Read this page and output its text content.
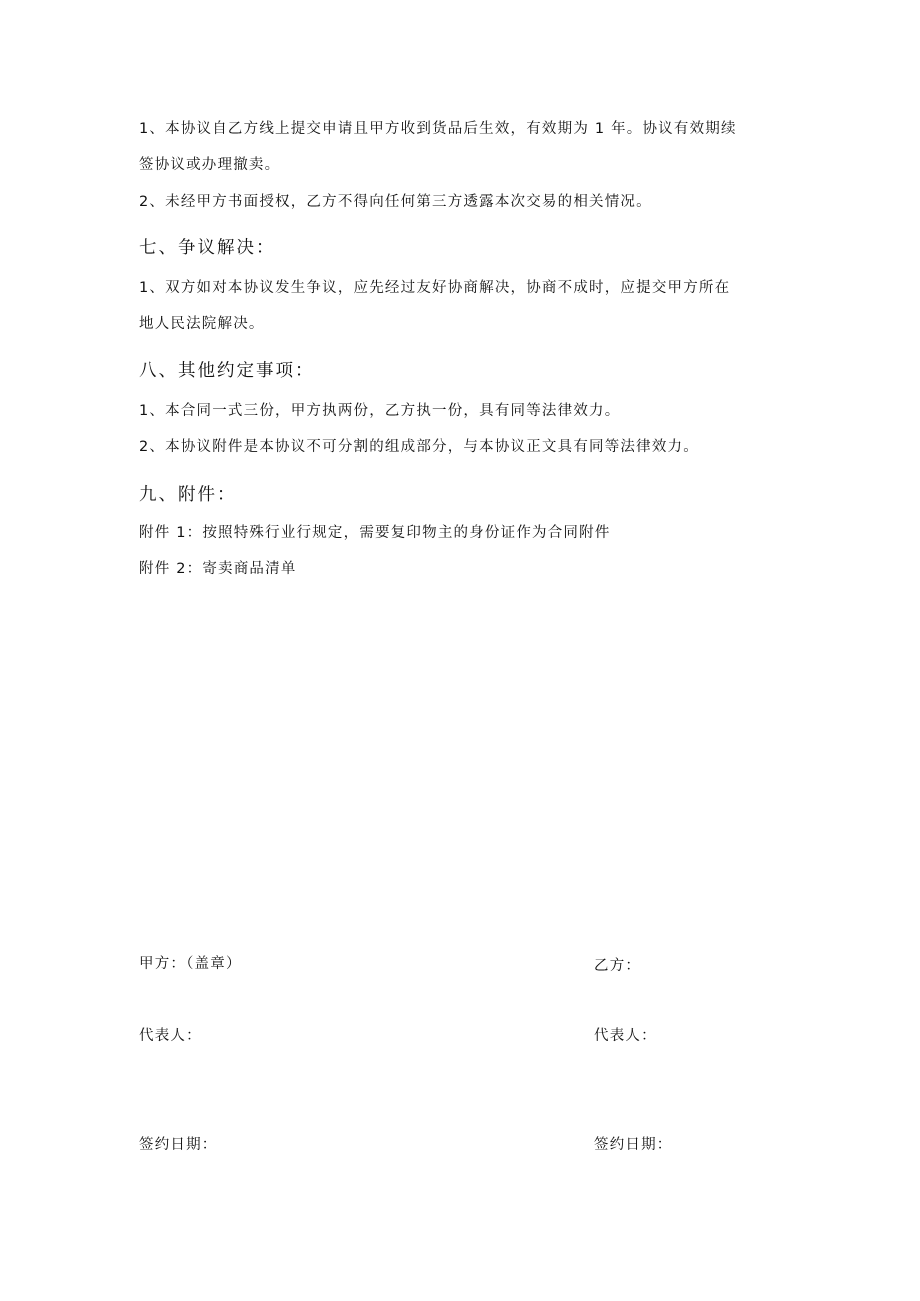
1、本协议自乙方线上提交申请且甲方收到货品后生效，有效期为 1 年。协议有效期续
签协议或办理撤卖。
2、未经甲方书面授权，乙方不得向任何第三方透露本次交易的相关情况。
七、争议解决：
1、双方如对本协议发生争议，应先经过友好协商解决，协商不成时，应提交甲方所在
地人民法院解决。
八、其他约定事项：
1、本合同一式三份，甲方执两份，乙方执一份，具有同等法律效力。
2、本协议附件是本协议不可分割的组成部分，与本协议正文具有同等法律效力。
九、附件：
附件 1：按照特殊行业行规定，需要复印物主的身份证作为合同附件
附件 2：寄卖商品清单
甲方：（盖章）
代表人：
签约日期：
乙方：
代表人：
签约日期：
